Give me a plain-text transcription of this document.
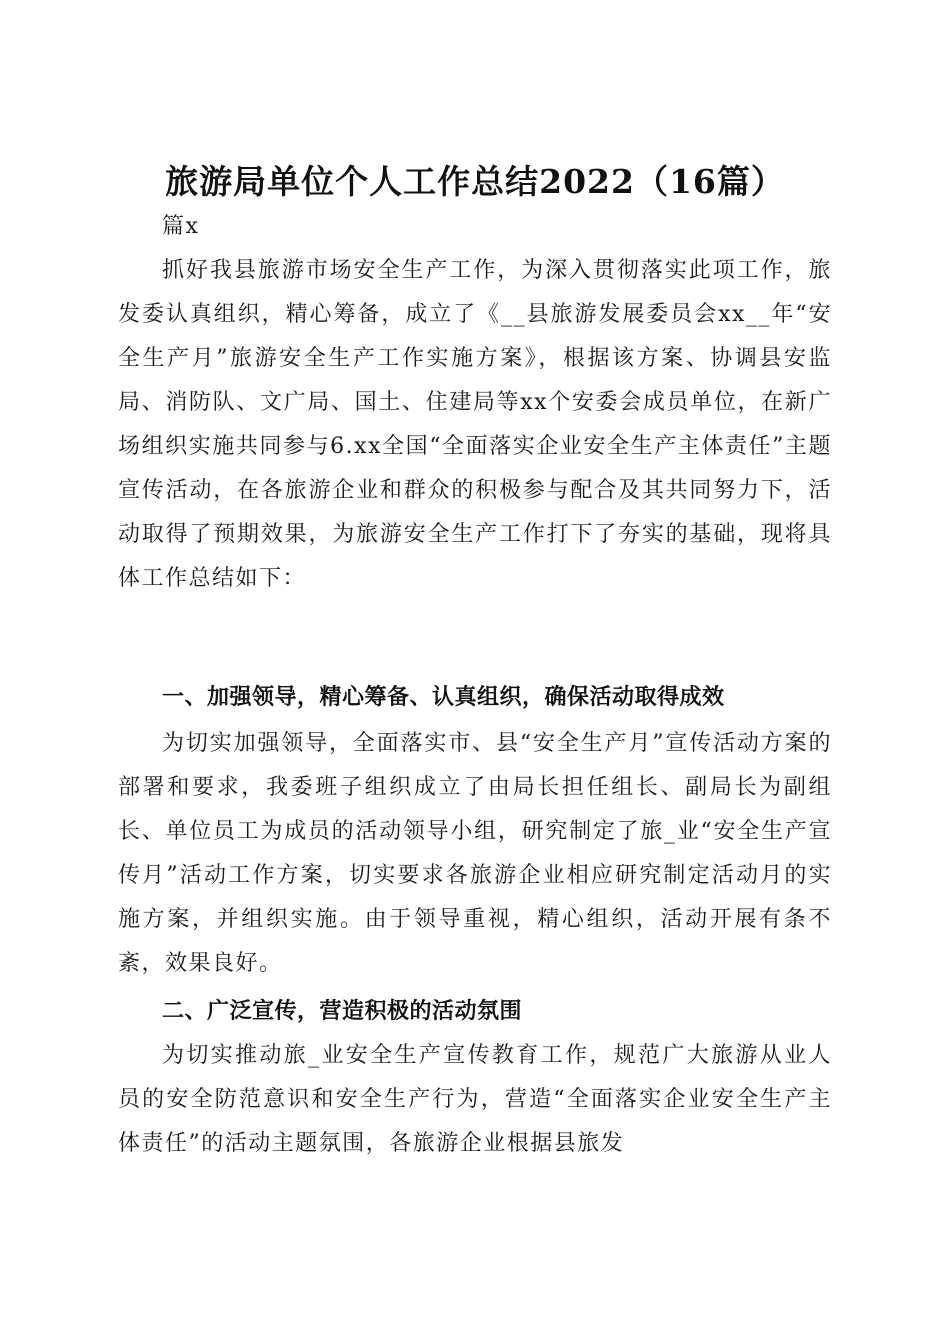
旅游局单位个人工作总结2022（16篇）

篇x

抓好我县旅游市场安全生产工作，为深入贯彻落实此项工作，旅发委认真组织，精心筹备，成立了《__县旅游发展委员会xx__年“安全生产月”旅游安全生产工作实施方案》，根据该方案、协调县安监局、消防队、文广局、国土、住建局等xx个安委会成员单位，在新广场组织实施共同参与6.xx全国“全面落实企业安全生产主体责任”主题宣传活动，在各旅游企业和群众的积极参与配合及其共同努力下，活动取得了预期效果，为旅游安全生产工作打下了夯实的基础，现将具体工作总结如下：

一、加强领导，精心筹备、认真组织，确保活动取得成效

为切实加强领导，全面落实市、县“安全生产月”宣传活动方案的部署和要求，我委班子组织成立了由局长担任组长、副局长为副组长、单位员工为成员的活动领导小组，研究制定了旅_业“安全生产宣传月”活动工作方案，切实要求各旅游企业相应研究制定活动月的实施方案，并组织实施。由于领导重视，精心组织，活动开展有条不紊，效果良好。

二、广泛宣传，营造积极的活动氛围

为切实推动旅_业安全生产宣传教育工作，规范广大旅游从业人员的安全防范意识和安全生产行为，营造“全面落实企业安全生产主体责任”的活动主题氛围，各旅游企业根据县旅发
